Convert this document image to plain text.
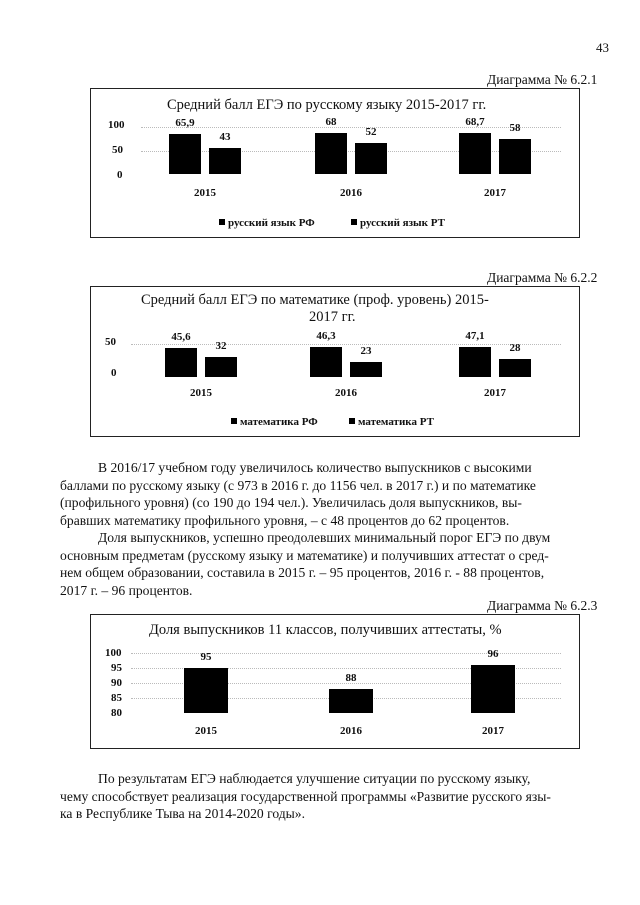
43
Диаграмма № 6.2.1
Средний балл ЕГЭ по русскому языку 2015-2017 гг.
100
50
0
русский язык РФ	русский язык РТ
65,9
43
2015
68
52
2016
68,7
58
2017
Диаграмма № 6.2.2
Средний балл ЕГЭ по математике (проф. уровень) 2015-
2017 гг.
50
0
математика РФ	математика РТ
45,6
32
2015
46,3
23
2016
47,1
28
2017

В 2016/17 учебном году увеличилось количество выпускников с высокими

баллами по русскому языку (с 973 в 2016 г. до 1156 чел. в 2017 г.) и по математике
(профильного уровня) (со 190 до 194 чел.). Увеличилась доля выпускников, вы-
бравших математику профильного уровня, – с 48 процентов до 62 процентов.

Доля выпускников, успешно преодолевших минимальный порог ЕГЭ по двум

основным предметам (русскому языку и математике) и получивших аттестат о сред-
нем общем образовании, составила в 2015 г. – 95 процентов, 2016 г. - 88 процентов,
2017 г. – 96 процентов.
Диаграмма № 6.2.3
Доля выпускников 11 классов, получивших аттестаты, %
100
95
90
85
80
95
2015
88
2016
96
2017

По результатам ЕГЭ наблюдается улучшение ситуации по русскому языку,

чему способствует реализация государственной программы «Развитие русского язы-
ка в Республике Тыва на 2014-2020 годы».
